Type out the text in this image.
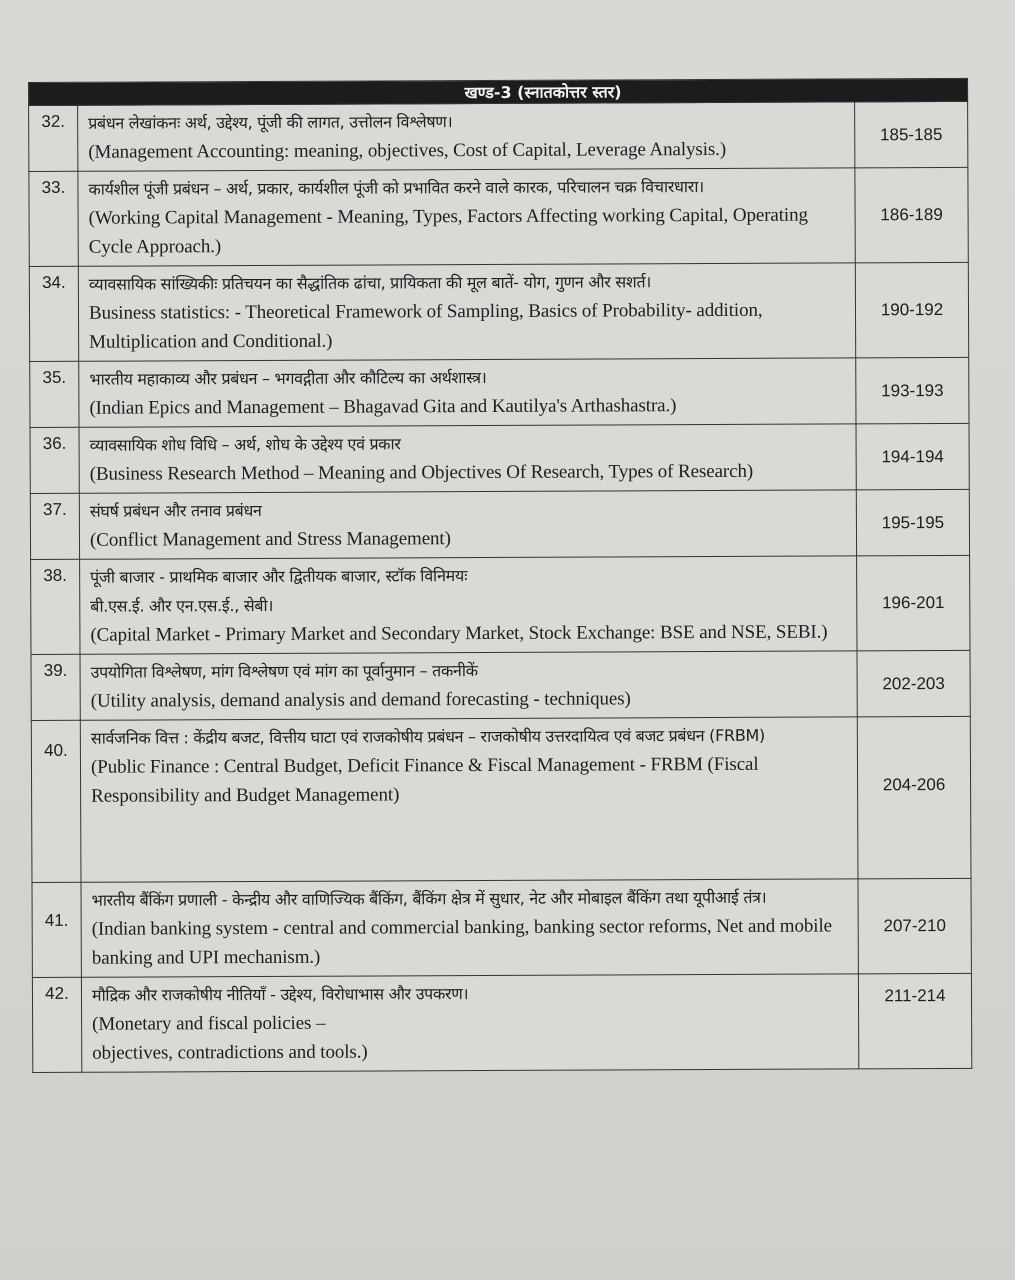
खण्ड-3 (स्नातकोत्तर स्तर)		
32.	प्रबंधन लेखांकनः अर्थ, उद्देश्य, पूंजी की लागत, उत्तोलन विश्लेषण।
(Management Accounting: meaning, objectives, Cost of Capital, Leverage Analysis.)	185-185
33.	कार्यशील पूंजी प्रबंधन – अर्थ, प्रकार, कार्यशील पूंजी को प्रभावित करने वाले कारक, परिचालन चक्र विचारधारा।
(Working Capital Management - Meaning, Types, Factors Affecting working Capital, Operating Cycle Approach.)	186-189
34.	व्यावसायिक सांख्यिकीः प्रतिचयन का सैद्धांतिक ढांचा, प्रायिकता की मूल बातें- योग, गुणन और सशर्त।
Business statistics: - Theoretical Framework of Sampling, Basics of Probability- addition, Multiplication and Conditional.)	190-192
35.	भारतीय महाकाव्य और प्रबंधन – भगवद्गीता और कौटिल्य का अर्थशास्त्र।
(Indian Epics and Management – Bhagavad Gita and Kautilya's Arthashastra.)	193-193
36.	व्यावसायिक शोध विधि – अर्थ, शोध के उद्देश्य एवं प्रकार
(Business Research Method – Meaning and Objectives Of Research, Types of Research)	194-194
37.	संघर्ष प्रबंधन और तनाव प्रबंधन
(Conflict Management and Stress Management)	195-195
38.	पूंजी बाजार - प्राथमिक बाजार और द्वितीयक बाजार, स्टॉक विनिमयः
बी.एस.ई. और एन.एस.ई., सेबी।
(Capital Market - Primary Market and Secondary Market, Stock Exchange: BSE and NSE, SEBI.)	196-201
39.	उपयोगिता विश्लेषण, मांग विश्लेषण एवं मांग का पूर्वानुमान – तकनीकें
(Utility analysis, demand analysis and demand forecasting - techniques)	202-203
40.	सार्वजनिक वित्त : केंद्रीय बजट, वित्तीय घाटा एवं राजकोषीय प्रबंधन – राजकोषीय उत्तरदायित्व एवं बजट प्रबंधन (FRBM)
(Public Finance : Central Budget, Deficit Finance & Fiscal Management - FRBM (Fiscal Responsibility and Budget Management)	204-206
41.	भारतीय बैंकिंग प्रणाली - केन्द्रीय और वाणिज्यिक बैंकिंग, बैंकिंग क्षेत्र में सुधार, नेट और मोबाइल बैंकिंग तथा यूपीआई तंत्र।
(Indian banking system - central and commercial banking, banking sector reforms, Net and mobile banking and UPI mechanism.)	207-210
42.	मौद्रिक और राजकोषीय नीतियाँ - उद्देश्य, विरोधाभास और उपकरण।
(Monetary and fiscal policies –
objectives, contradictions and tools.)	211-214
